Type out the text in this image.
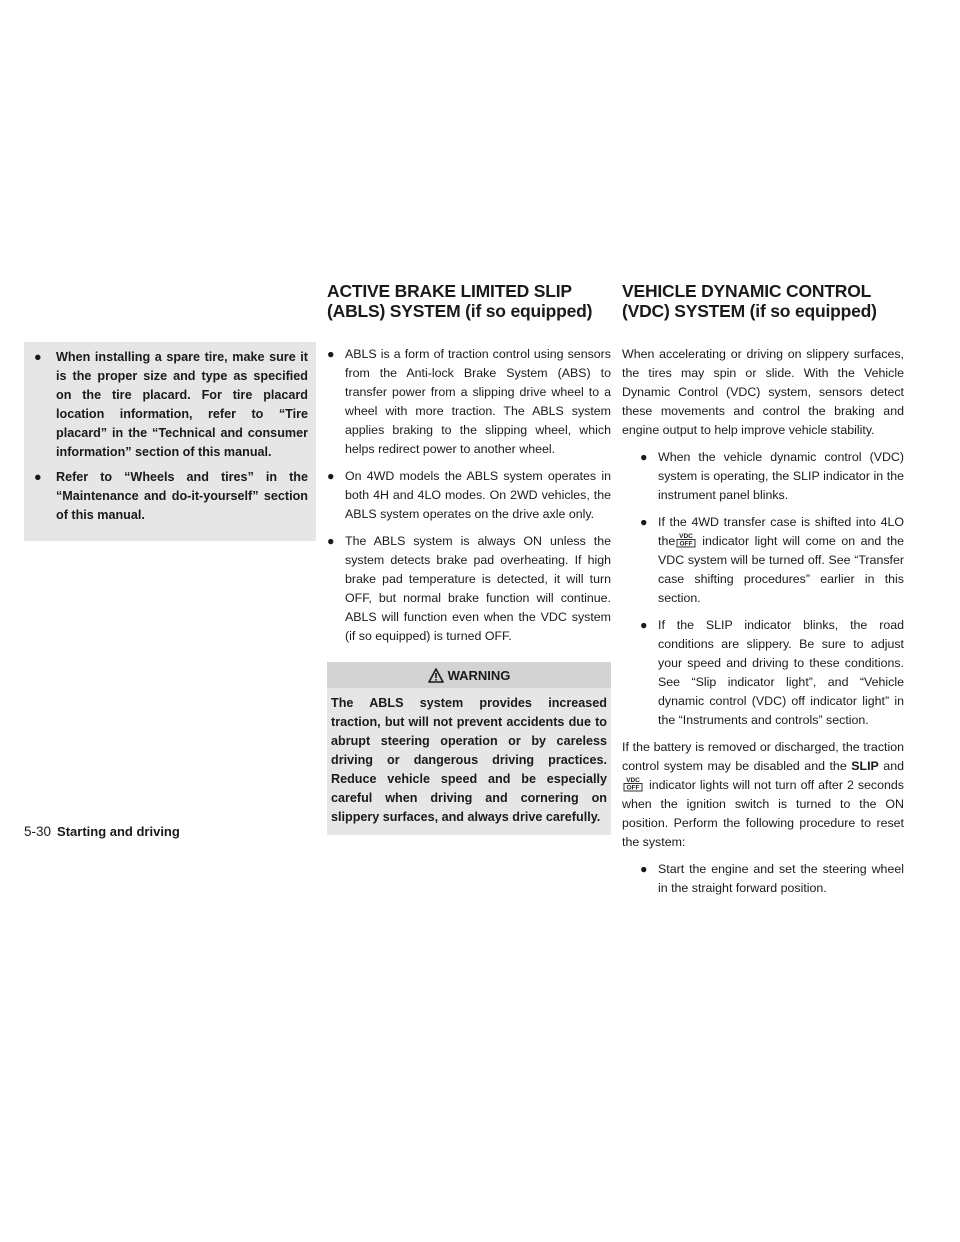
ACTIVE BRAKE LIMITED SLIP (ABLS) SYSTEM (if so equipped)
VEHICLE DYNAMIC CONTROL (VDC) SYSTEM (if so equipped)
● When installing a spare tire, make sure it is the proper size and type as specified on the tire placard. For tire placard location information, refer to “Tire placard” in the “Technical and consumer information” section of this manual.
● Refer to “Wheels and tires” in the “Maintenance and do-it-yourself” section of this manual.
● ABLS is a form of traction control using sensors from the Anti-lock Brake System (ABS) to transfer power from a slipping drive wheel to a wheel with more traction. The ABLS system applies braking to the slipping wheel, which helps redirect power to another wheel.
● On 4WD models the ABLS system operates in both 4H and 4LO modes. On 2WD vehicles, the ABLS system operates on the drive axle only.
● The ABLS system is always ON unless the system detects brake pad overheating. If high brake pad temperature is detected, it will turn OFF, but normal brake function will continue. ABLS will function even when the VDC system (if so equipped) is turned OFF.
WARNING

The ABLS system provides increased traction, but will not prevent accidents due to abrupt steering operation or by careless driving or dangerous driving practices. Reduce vehicle speed and be especially careful when driving and cornering on slippery surfaces, and always drive carefully.

When accelerating or driving on slippery surfaces, the tires may spin or slide. With the Vehicle Dynamic Control (VDC) system, sensors detect these movements and control the braking and engine output to help improve vehicle stability.

● When the vehicle dynamic control (VDC) system is operating, the SLIP indicator in the instrument panel blinks.
● If the 4WD transfer case is shifted into 4LO the VDC
OFF indicator light will come on and the VDC system will be turned off. See “Transfer case shifting procedures” earlier in this section.
● If the SLIP indicator blinks, the road conditions are slippery. Be sure to adjust your speed and driving to these conditions. See “Slip indicator light”, and “Vehicle dynamic control (VDC) off indicator light” in the “Instruments and controls” section.

If the battery is removed or discharged, the traction control system may be disabled and the SLIP and
VDC
OFF indicator lights will not turn off after 2 seconds when the ignition switch is turned to the ON position. Perform the following procedure to reset the system:

● Start the engine and set the steering wheel in the straight forward position.
5-30 Starting and driving
